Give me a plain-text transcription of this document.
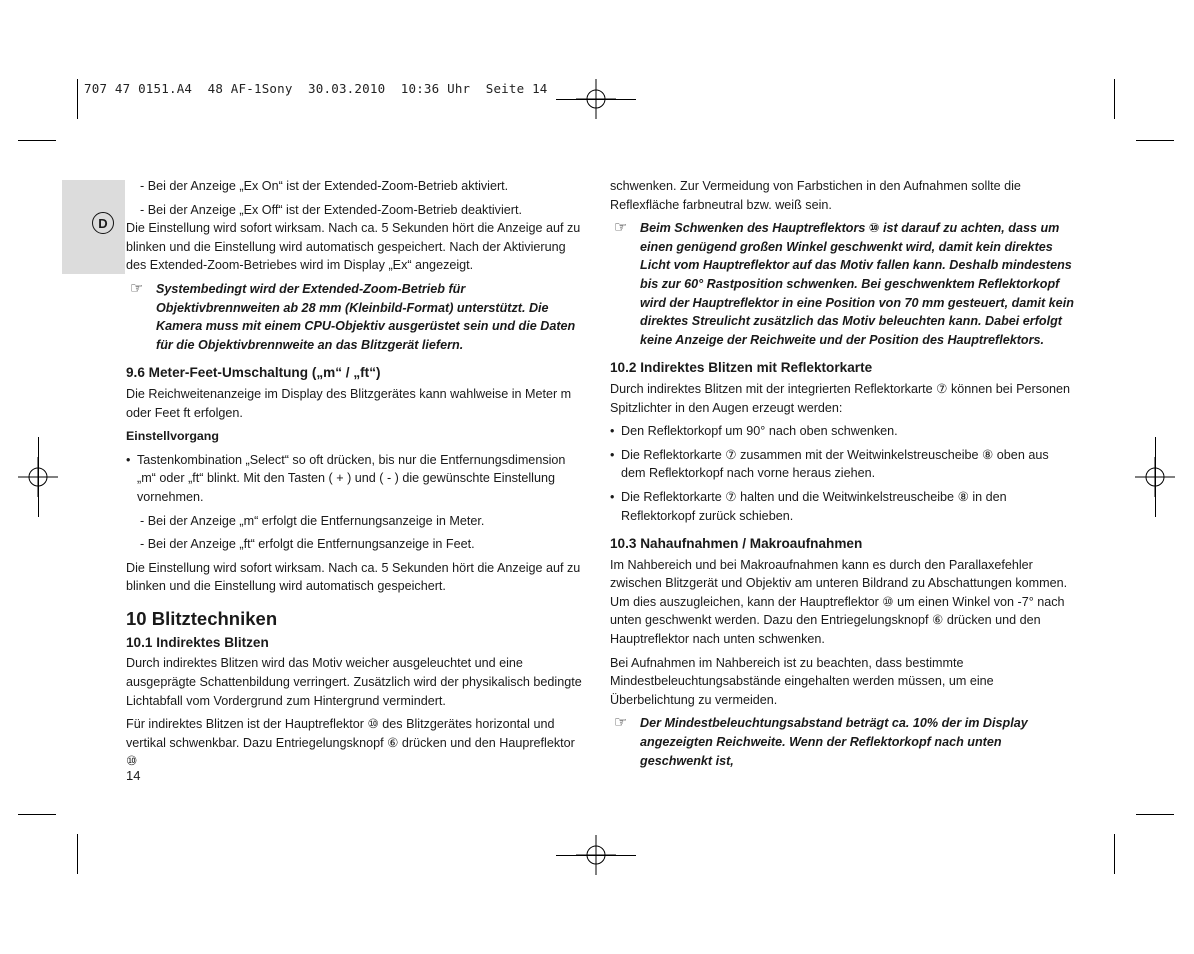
707 47 0151.A4  48 AF-1Sony  30.03.2010  10:36 Uhr  Seite 14
D

- Bei der Anzeige „Ex On“ ist der Extended-Zoom-Betrieb aktiviert.

- Bei der Anzeige „Ex Off“ ist der Extended-Zoom-Betrieb deaktiviert.

Die Einstellung wird sofort wirksam. Nach ca. 5 Sekunden hört die Anzeige auf zu blinken und die Einstellung wird automatisch gespeichert. Nach der Aktivierung des Extended-Zoom-Betriebes wird im Display „Ex“ angezeigt.

☞ Systembedingt wird der Extended-Zoom-Betrieb für Objektivbrennweiten ab 28 mm (Kleinbild-Format) unterstützt. Die Kamera muss mit einem CPU-Objektiv ausgerüstet sein und die Daten für die Objektivbrennweite an das Blitzgerät liefern.

9.6 Meter-Feet-Umschaltung („m“ / „ft“)

Die Reichweitenanzeige im Display des Blitzgerätes kann wahlweise in Meter m oder Feet ft erfolgen.

Einstellvorgang

• Tastenkombination „Select“ so oft drücken, bis nur die Entfernungsdimension „m“ oder „ft“ blinkt. Mit den Tasten ( + ) und ( - ) die gewünschte Einstellung vornehmen.

- Bei der Anzeige „m“ erfolgt die Entfernungsanzeige in Meter.

- Bei der Anzeige „ft“ erfolgt die Entfernungsanzeige in Feet.

Die Einstellung wird sofort wirksam. Nach ca. 5 Sekunden hört die Anzeige auf zu blinken und die Einstellung wird automatisch gespeichert.

10 Blitztechniken

10.1 Indirektes Blitzen

Durch indirektes Blitzen wird das Motiv weicher ausgeleuchtet und eine ausgeprägte Schattenbildung verringert. Zusätzlich wird der physikalisch bedingte Lichtabfall vom Vordergrund zum Hintergrund vermindert.

Für indirektes Blitzen ist der Hauptreflektor ⑩ des Blitzgerätes horizontal und vertikal schwenkbar. Dazu Entriegelungsknopf ⑥ drücken und den Haupreflektor ⑩

14

schwenken. Zur Vermeidung von Farbstichen in den Aufnahmen sollte die Reflexfläche farbneutral bzw. weiß sein.

☞ Beim Schwenken des Hauptreflektors ⑩ ist darauf zu achten, dass um einen genügend großen Winkel geschwenkt wird, damit kein direktes Licht vom Hauptreflektor auf das Motiv fallen kann. Deshalb mindestens bis zur 60° Rastposition schwenken. Bei geschwenktem Reflektorkopf wird der Hauptreflektor in eine Position von 70 mm gesteuert, damit kein direktes Streulicht zusätzlich das Motiv beleuchten kann. Dabei erfolgt keine Anzeige der Reichweite und der Position des Hauptreflektors.

10.2 Indirektes Blitzen mit Reflektorkarte

Durch indirektes Blitzen mit der integrierten Reflektorkarte ⑦ können bei Personen Spitzlichter in den Augen erzeugt werden:

• Den Reflektorkopf um 90° nach oben schwenken.

• Die Reflektorkarte ⑦ zusammen mit der Weitwinkelstreuscheibe ⑧ oben aus dem Reflektorkopf nach vorne heraus ziehen.

• Die Reflektorkarte ⑦ halten und die Weitwinkelstreuscheibe ⑧ in den Reflektorkopf zurück schieben.

10.3 Nahaufnahmen / Makroaufnahmen

Im Nahbereich und bei Makroaufnahmen kann es durch den Parallaxefehler zwischen Blitzgerät und Objektiv am unteren Bildrand zu Abschattungen kommen. Um dies auszugleichen, kann der Hauptreflektor ⑩ um einen Winkel von -7° nach unten geschwenkt werden. Dazu den Entriegelungsknopf ⑥ drücken und den Hauptreflektor nach unten schwenken.

Bei Aufnahmen im Nahbereich ist zu beachten, dass bestimmte Mindestbeleuchtungsabstände eingehalten werden müssen, um eine Überbelichtung zu vermeiden.

☞ Der Mindestbeleuchtungsabstand beträgt ca. 10% der im Display angezeigten Reichweite. Wenn der Reflektorkopf nach unten geschwenkt ist,
